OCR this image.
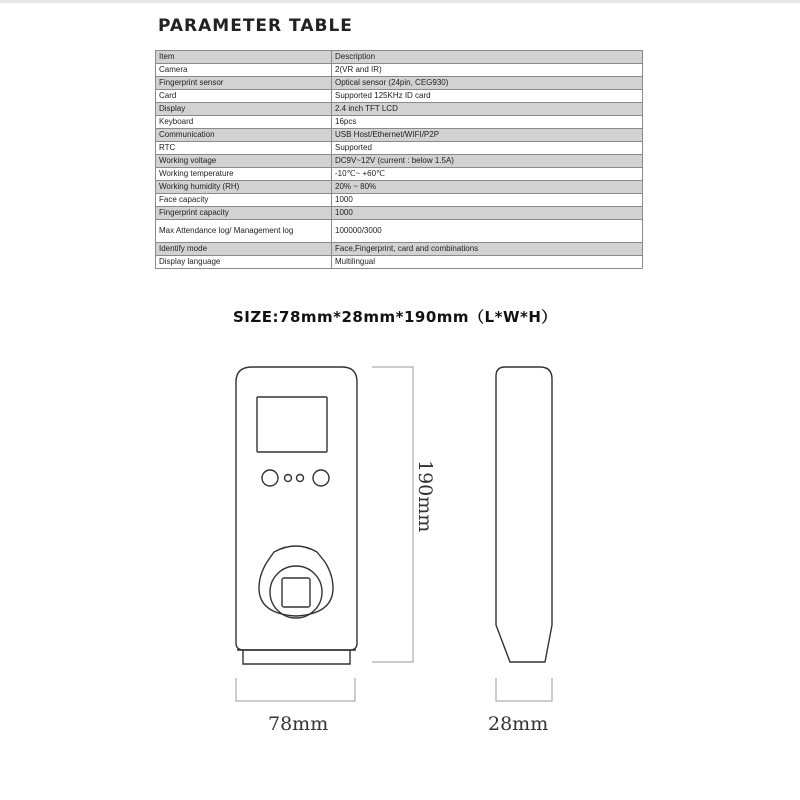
PARAMETER TABLE
Item	Description
Camera	2(VR and IR)
Fingerprint sensor	Optical sensor (24pin, CEG930)
Card	Supported 125KHz ID card
Display	2.4 inch TFT LCD
Keyboard	16pcs
Communication	USB Host/Ethernet/WIFI/P2P
RTC	Supported
Working voltage	DC9V~12V (current : below 1.5A)
Working temperature	-10℃~ +60℃
Working humidity (RH)	20% ~ 80%
Face capacity	1000
Fingerprint capacity	1000
Max Attendance log/ Management log	100000/3000
Identify mode	Face,Fingerprint, card and combinations
Display language	Multilingual
SIZE:78mm*28mm*190mm（L*W*H）
190mm
78mm	28mm
